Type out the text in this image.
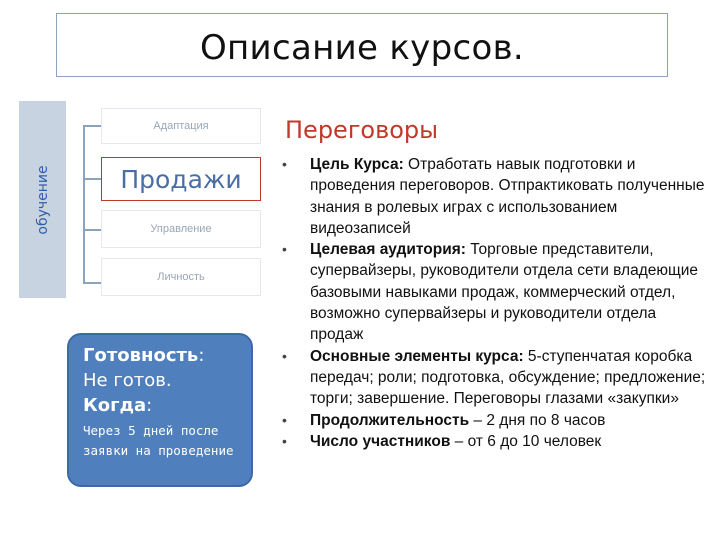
Описание курсов.
обучение
Адаптация
Продажи
Управление
Личность
Готовность:
Не готов.
Когда:
Через 5 дней после заявки на проведение
Переговоры
• Цель Курса: Отработать навык подготовки и проведения переговоров. Отпрактиковать полученные знания в ролевых играх с использованием видеозаписей
• Целевая аудитория: Торговые представители, супервайзеры, руководители отдела сети владеющие базовыми навыками продаж, коммерческий отдел, возможно супервайзеры и руководители отдела продаж
• Основные элементы курса: 5-ступенчатая коробка передач; роли; подготовка, обсуждение; предложение; торги; завершение. Переговоры глазами «закупки»
• Продолжительность – 2 дня по 8 часов
• Число участников – от 6 до 10 человек
